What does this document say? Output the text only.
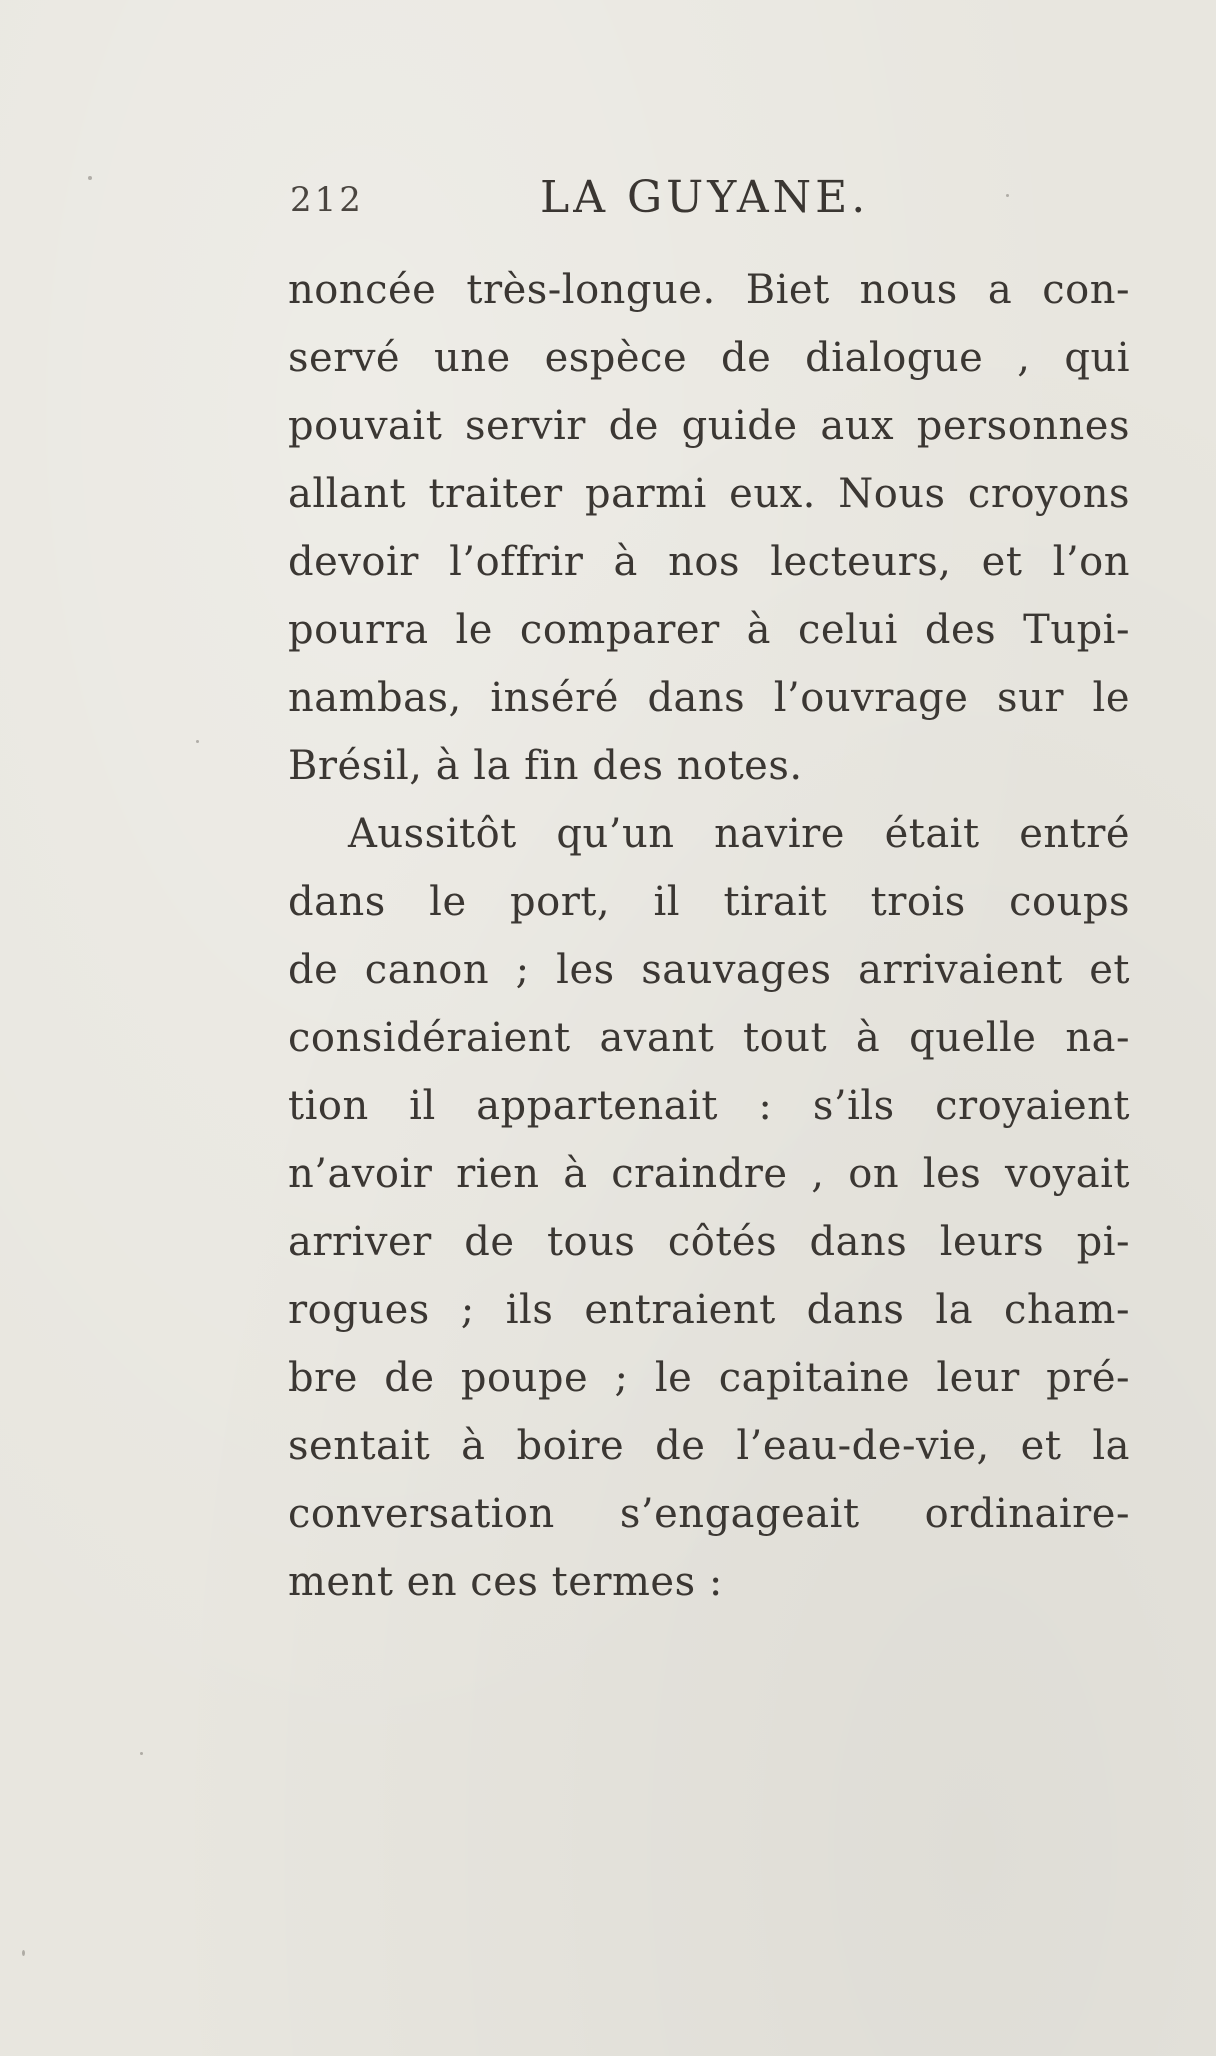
212	LA GUYANE.
noncée très-longue. Biet nous a con-
servé une espèce de dialogue , qui
pouvait servir de guide aux personnes
allant traiter parmi eux. Nous croyons
devoir l’offrir à nos lecteurs, et l’on
pourra le comparer à celui des Tupi-
nambas, inséré dans l’ouvrage sur le
Brésil, à la fin des notes.
Aussitôt qu’un navire était entré
dans le port, il tirait trois coups
de canon ; les sauvages arrivaient et
considéraient avant tout à quelle na-
tion il appartenait : s’ils croyaient
n’avoir rien à craindre , on les voyait
arriver de tous côtés dans leurs pi-
rogues ; ils entraient dans la cham-
bre de poupe ; le capitaine leur pré-
sentait à boire de l’eau-de-vie, et la
conversation s’engageait ordinaire-
ment en ces termes :
